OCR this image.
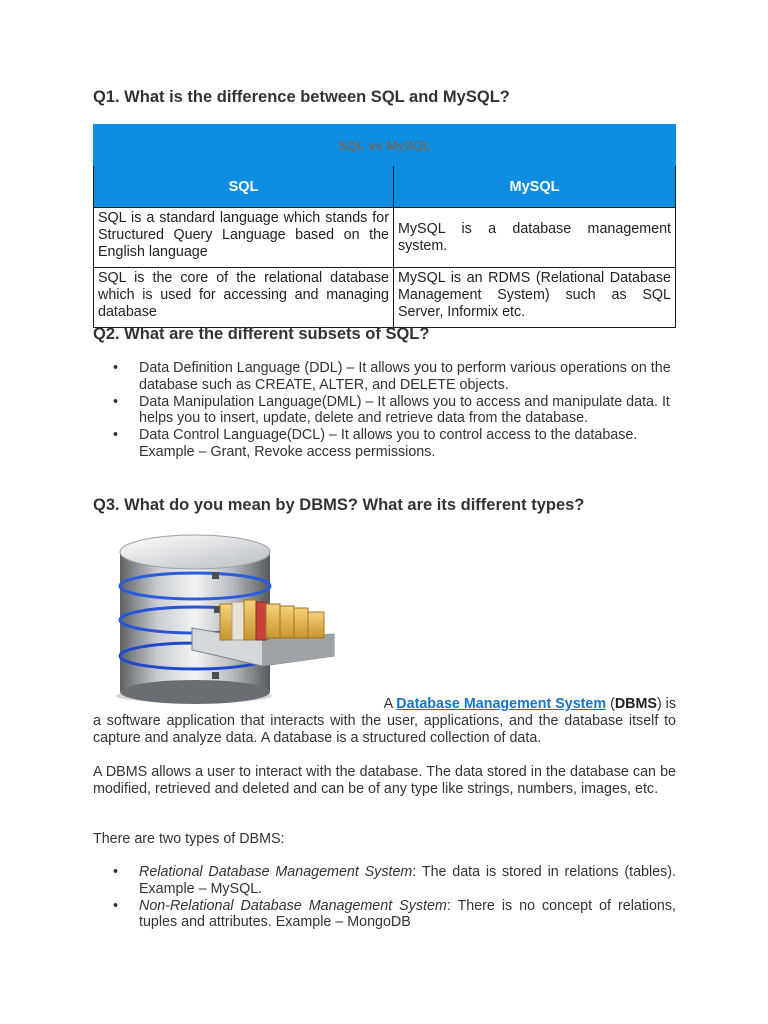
Q1. What is the difference between SQL and MySQL?
SQL vs MySQL	
SQL	MySQL
SQL is a standard language which stands for Structured Query Language based on the English language	MySQL is a database management system.
SQL is the core of the relational database which is used for accessing and managing database	MySQL is an RDMS (Relational Database Management System) such as SQL Server, Informix etc.
Q2. What are the different subsets of SQL?
• Data Definition Language (DDL) – It allows you to perform various operations on the database such as CREATE, ALTER, and DELETE objects.
• Data Manipulation Language(DML) – It allows you to access and manipulate data. It helps you to insert, update, delete and retrieve data from the database.
• Data Control Language(DCL) – It allows you to control access to the database. Example – Grant, Revoke access permissions.
Q3. What do you mean by DBMS? What are its different types?

A Database Management System (DBMS) is
a software application that interacts with the user, applications, and the database itself to capture and analyze data. A database is a structured collection of data.

A DBMS allows a user to interact with the database. The data stored in the database can be modified, retrieved and deleted and can be of any type like strings, numbers, images, etc.

There are two types of DBMS:

• Relational Database Management System: The data is stored in relations (tables). Example – MySQL.
• Non-Relational Database Management System: There is no concept of relations, tuples and attributes. Example – MongoDB
